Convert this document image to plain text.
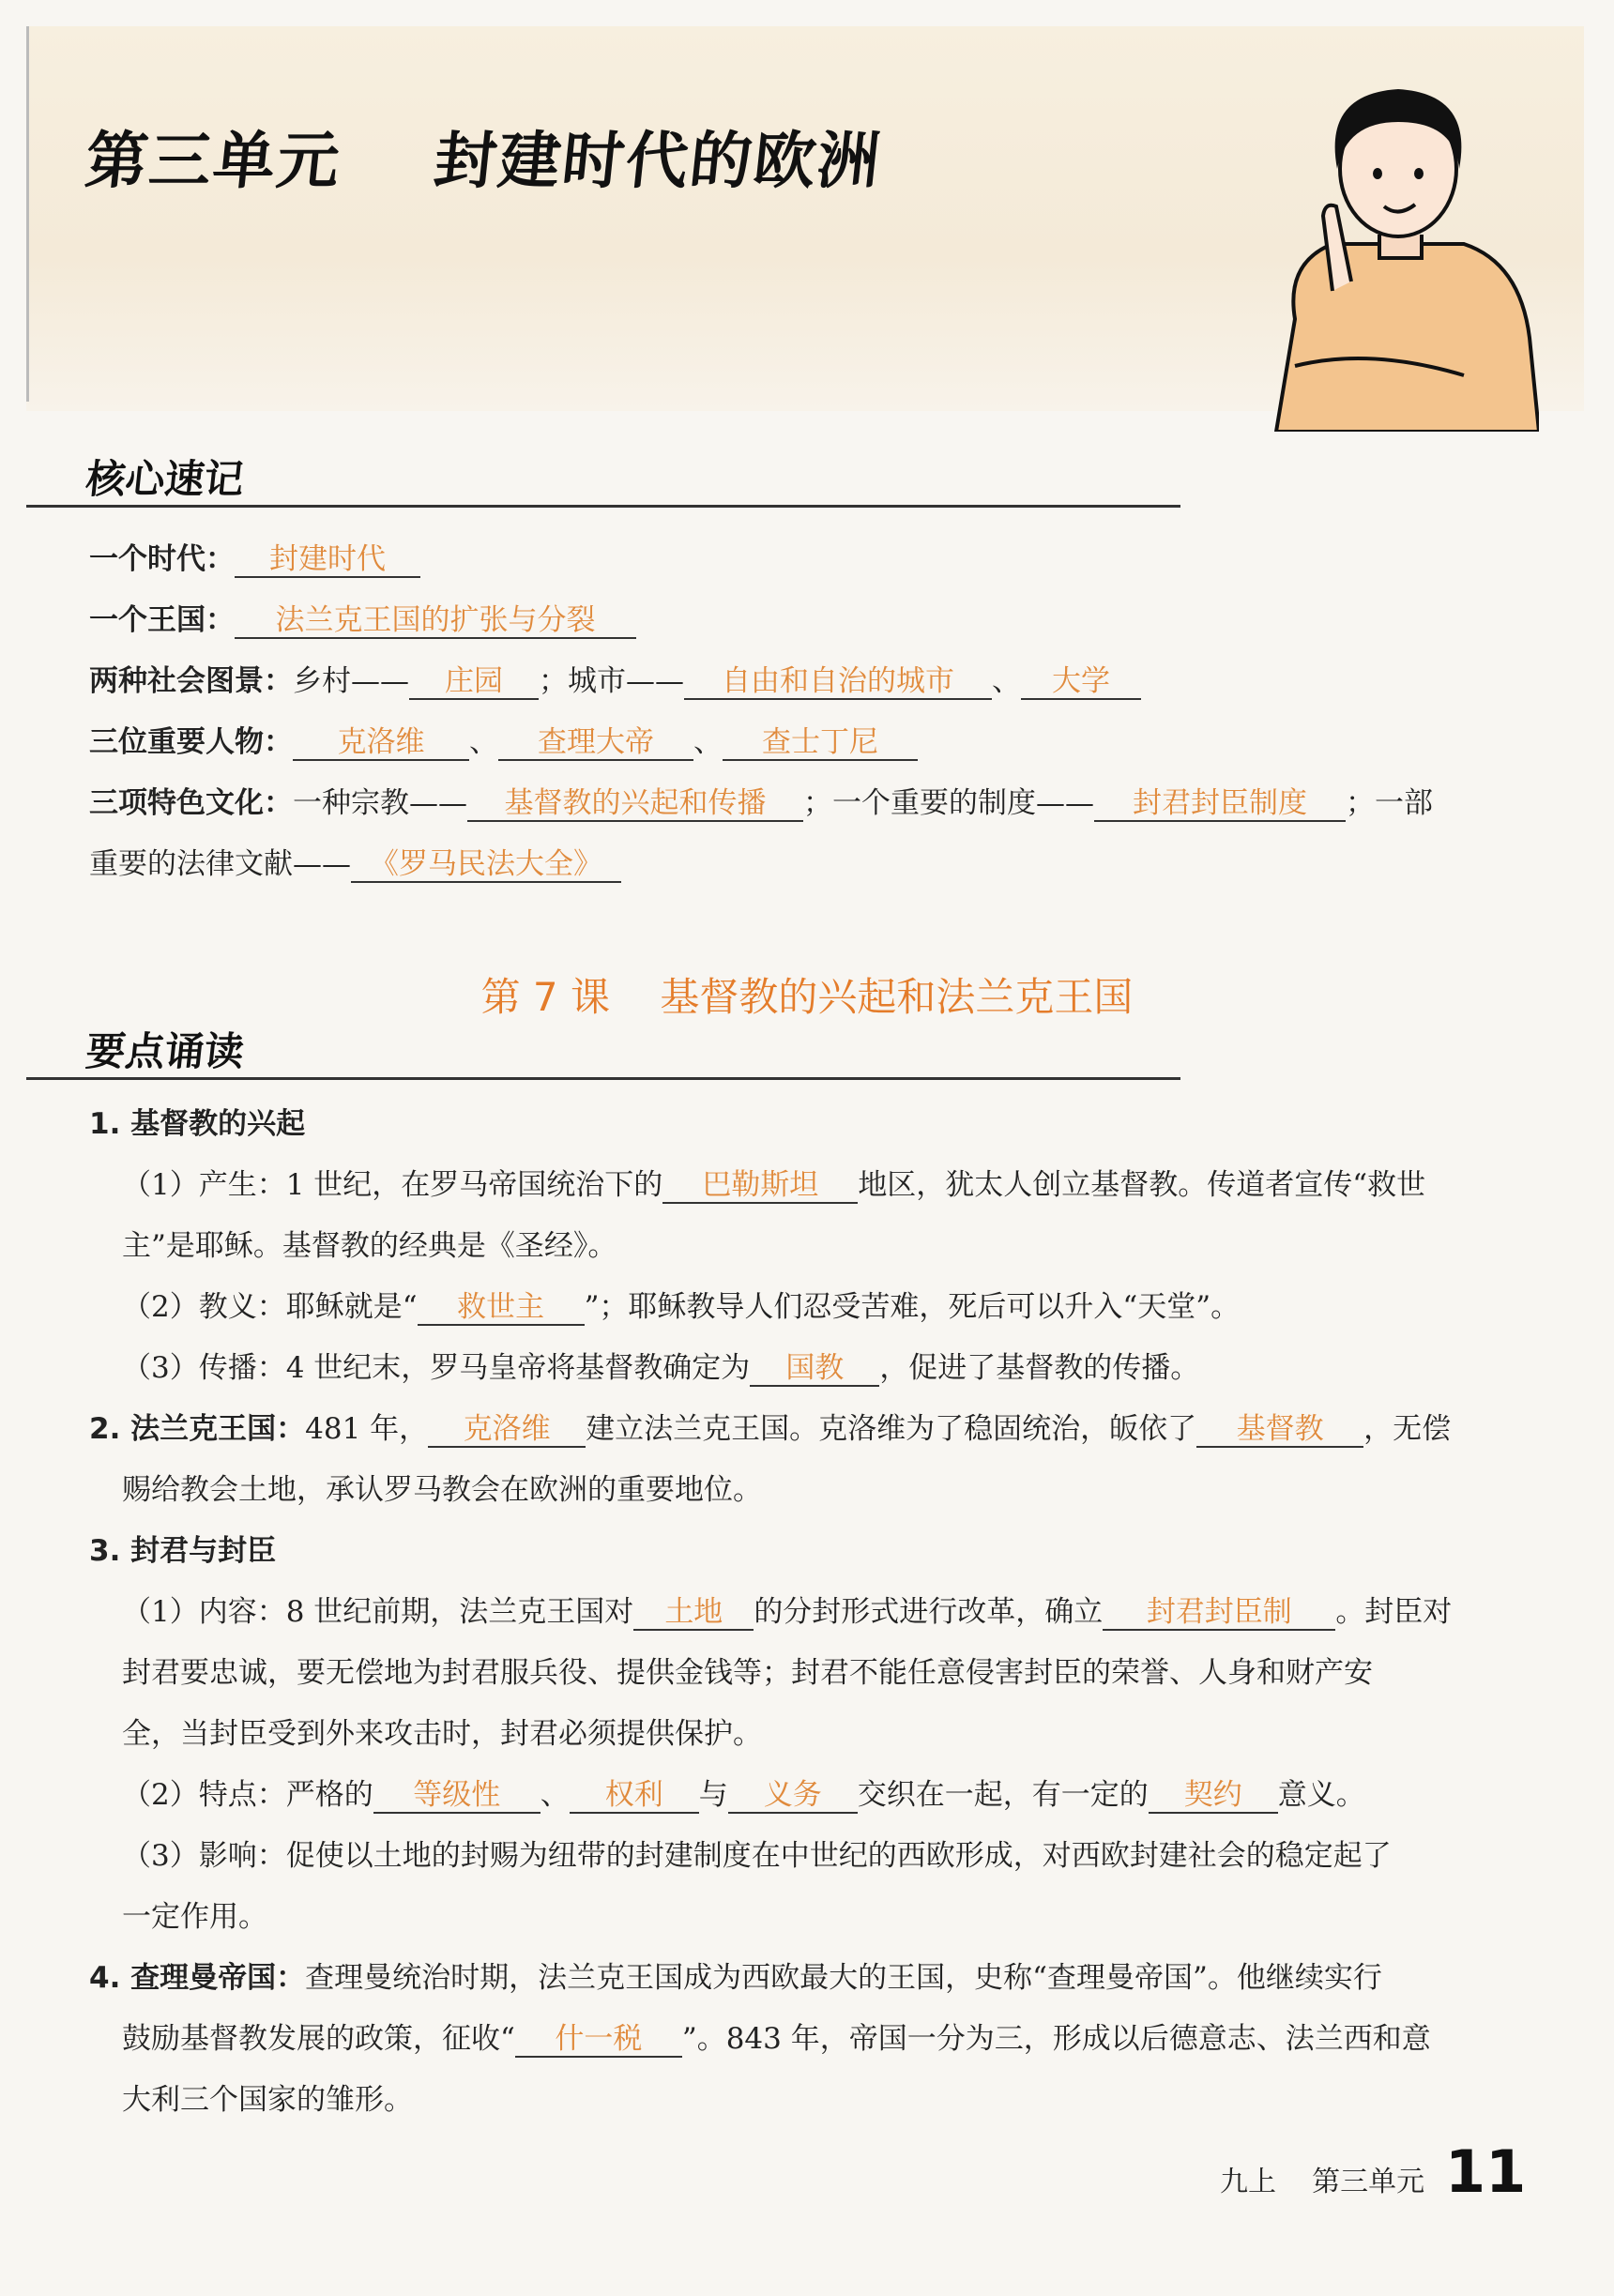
第三单元    封建时代的欧洲
核心速记
一个时代： 封建时代
一个王国： 法兰克王国的扩张与分裂
两种社会图景：乡村—— 庄园 ；城市—— 自由和自治的城市 、 大学
三位重要人物： 克洛维 、 查理大帝 、 查士丁尼
三项特色文化：一种宗教—— 基督教的兴起和传播 ；一个重要的制度—— 封君封臣制度 ；一部
重要的法律文献—— 《罗马民法大全》
第 7 课    基督教的兴起和法兰克王国
要点诵读
1. 基督教的兴起
（1）产生：1 世纪，在罗马帝国统治下的 巴勒斯坦 地区，犹太人创立基督教。传道者宣传“救世
主”是耶稣。基督教的经典是《圣经》。
（2）教义：耶稣就是“ 救世主 ”；耶稣教导人们忍受苦难，死后可以升入“天堂”。
（3）传播：4 世纪末，罗马皇帝将基督教确定为 国教 ，促进了基督教的传播。
2. 法兰克王国：481 年， 克洛维 建立法兰克王国。克洛维为了稳固统治，皈依了 基督教 ，无偿
赐给教会土地，承认罗马教会在欧洲的重要地位。
3. 封君与封臣
（1）内容：8 世纪前期，法兰克王国对 土地 的分封形式进行改革，确立 封君封臣制 。封臣对
封君要忠诚，要无偿地为封君服兵役、提供金钱等；封君不能任意侵害封臣的荣誉、人身和财产安
全，当封臣受到外来攻击时，封君必须提供保护。
（2）特点：严格的 等级性 、 权利 与 义务 交织在一起，有一定的 契约 意义。
（3）影响：促使以土地的封赐为纽带的封建制度在中世纪的西欧形成，对西欧封建社会的稳定起了
一定作用。
4. 查理曼帝国：查理曼统治时期，法兰克王国成为西欧最大的王国，史称“查理曼帝国”。他继续实行
鼓励基督教发展的政策，征收“ 什一税 ”。843 年，帝国一分为三，形成以后德意志、法兰西和意
大利三个国家的雏形。
九上    第三单元 11
